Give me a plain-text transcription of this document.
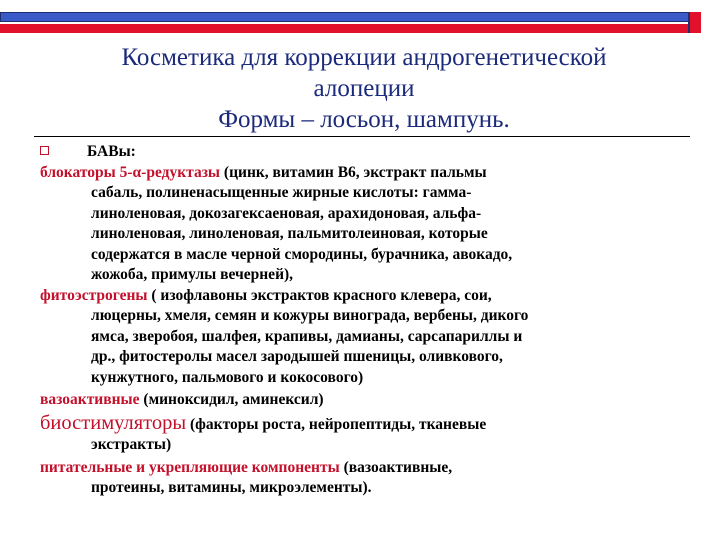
Косметика для коррекции андрогенетической
алопеции
Формы – лосьон, шампунь.
БАВы:
блокаторы 5-α-редуктазы (цинк, витамин В6, экстракт пальмы
сабаль, полиненасыщенные жирные кислоты: гамма-
линоленовая, докозагексаеновая, арахидоновая, альфа-
линоленовая, линоленовая, пальмитолеиновая, которые
содержатся в масле черной смородины, бурачника, авокадо,
жожоба, примулы вечерней),
фитоэстрогены ( изофлавоны экстрактов красного клевера, сои,
люцерны, хмеля, семян и кожуры винограда, вербены, дикого
ямса, зверобоя, шалфея, крапивы, дамианы, сарсапариллы и
др., фитостеролы масел зародышей пшеницы, оливкового,
кунжутного, пальмового и кокосового)
вазоактивные (миноксидил, аминексил)
биостимуляторы (факторы роста, нейропептиды, тканевые
экстракты)
питательные и укрепляющие компоненты (вазоактивные,
протеины, витамины, микроэлементы).
